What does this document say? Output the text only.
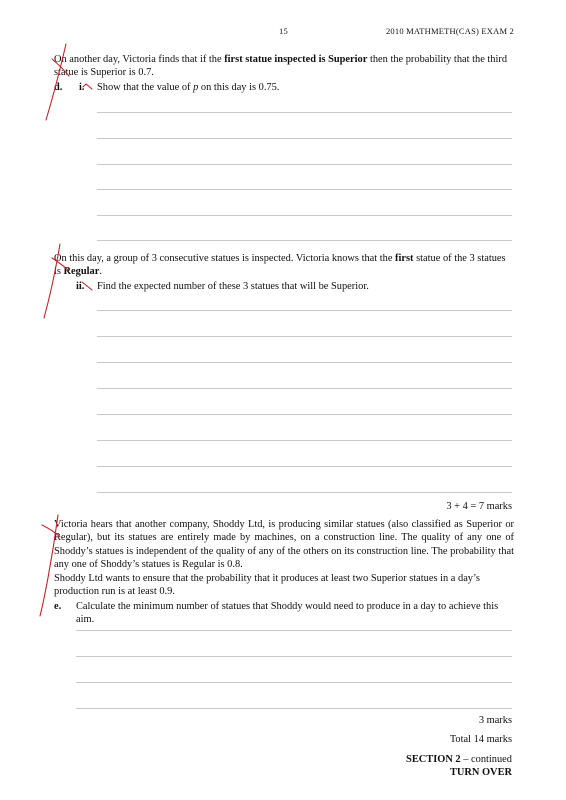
15	2010 MATHMETH(CAS) EXAM 2
On another day, Victoria finds that if the first statue inspected is Superior then the probability that the third statue is Superior is 0.7.
d. i. Show that the value of p on this day is 0.75.
On this day, a group of 3 consecutive statues is inspected. Victoria knows that the first statue of the 3 statues is Regular.
ii. Find the expected number of these 3 statues that will be Superior.
3 + 4 = 7 marks
Victoria hears that another company, Shoddy Ltd, is producing similar statues (also classified as Superior or Regular), but its statues are entirely made by machines, on a construction line. The quality of any one of Shoddy’s statues is independent of the quality of any of the others on its construction line. The probability that any one of Shoddy’s statues is Regular is 0.8.
Shoddy Ltd wants to ensure that the probability that it produces at least two Superior statues in a day’s production run is at least 0.9.
e. Calculate the minimum number of statues that Shoddy would need to produce in a day to achieve this aim.
3 marks
Total 14 marks
SECTION 2 – continued
TURN OVER
